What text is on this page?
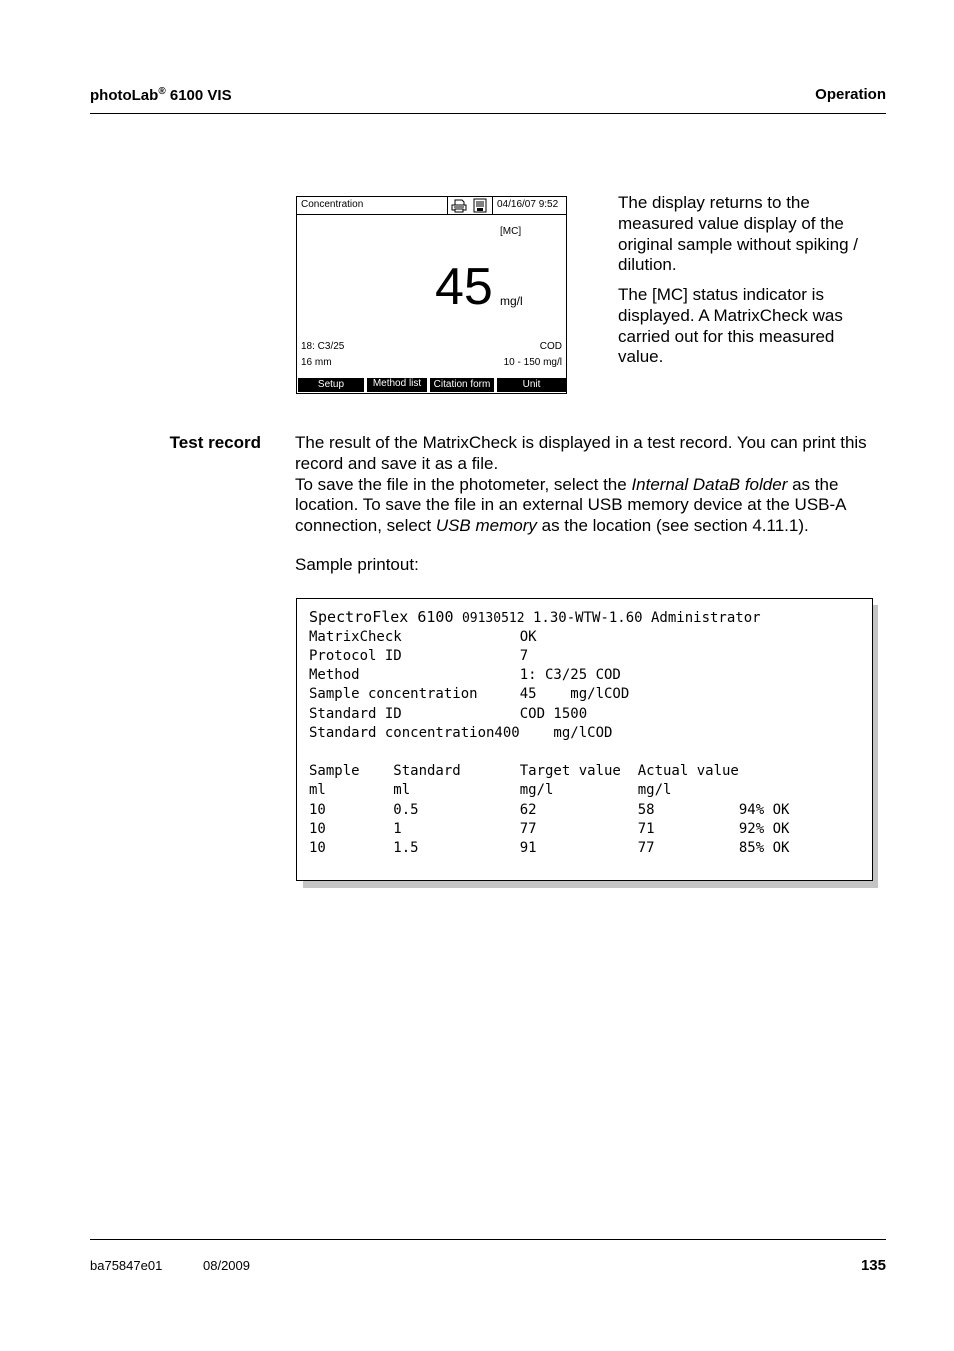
photoLab® 6100 VIS	Operation
Concentration	04/16/07 9:52
[MC]
45 mg/l
18: C3/25	COD
16 mm	10 - 150 mg/l
Setup	Method list	Citation form	Unit
The display returns to the measured value display of the original sample without spiking / dilution.
The [MC] status indicator is displayed. A MatrixCheck was carried out for this measured value.
Test record The result of the MatrixCheck is displayed in a test record. You can print this record and save it as a file.
To save the file in the photometer, select the Internal DataB folder as the location. To save the file in an external USB memory device at the USB-A connection, select USB memory as the location (see section 4.11.1).
Sample printout:
SpectroFlex 6100 09130512 1.30-WTW-1.60 Administrator
MatrixCheck              OK
Protocol ID              7
Method                   1: C3/25 COD
Sample concentration     45    mg/lCOD
Standard ID              COD 1500
Standard concentration400    mg/lCOD
Sample    Standard       Target value  Actual value
ml        ml             mg/l          mg/l
10        0.5            62            58          94% OK
10        1              77            71          92% OK
10        1.5            91            77          85% OK
ba75847e01	08/2009	135
